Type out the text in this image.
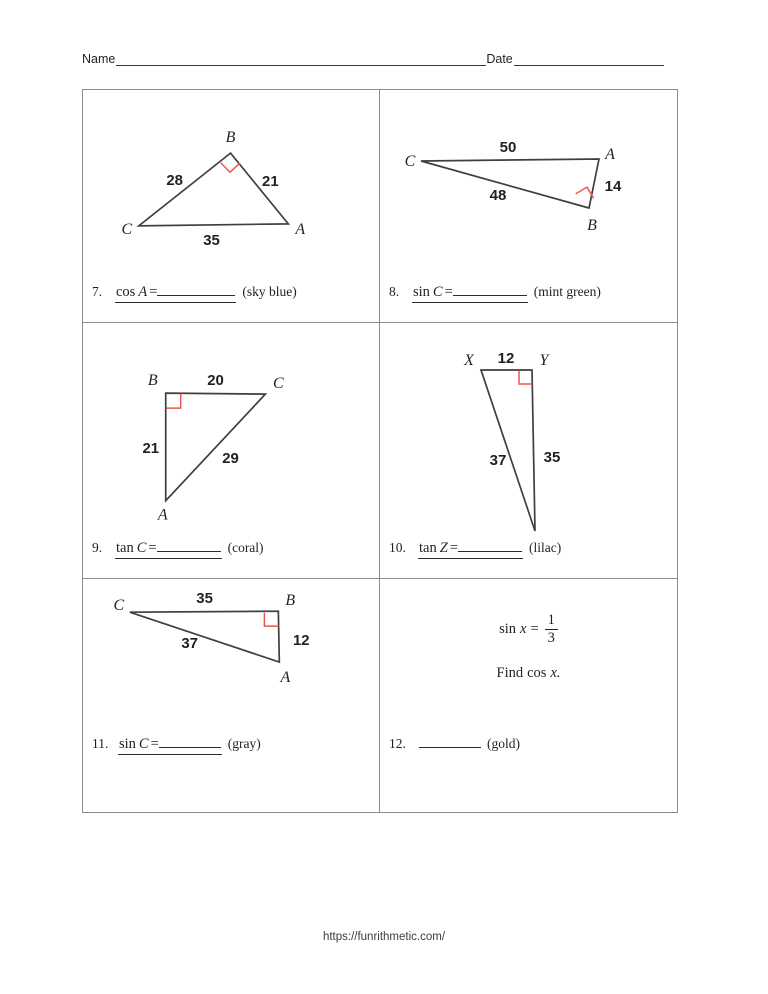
Name	Date
B
C	A
28	21
35
7. cos A =	(sky blue)
C	A
B
50
48
14
8. sin C =	(mint green)
B	C
A
20
21
29
9. tan C =	(coral)
X	Y
12
35
37
10. tan Z =	(lilac)
C	B
A
35
37	12
11. sin C =	(gray)
$\sin x = \frac{1}{3}$
Find cos x.
12.	(gold)
https://funrithmetic.com/
